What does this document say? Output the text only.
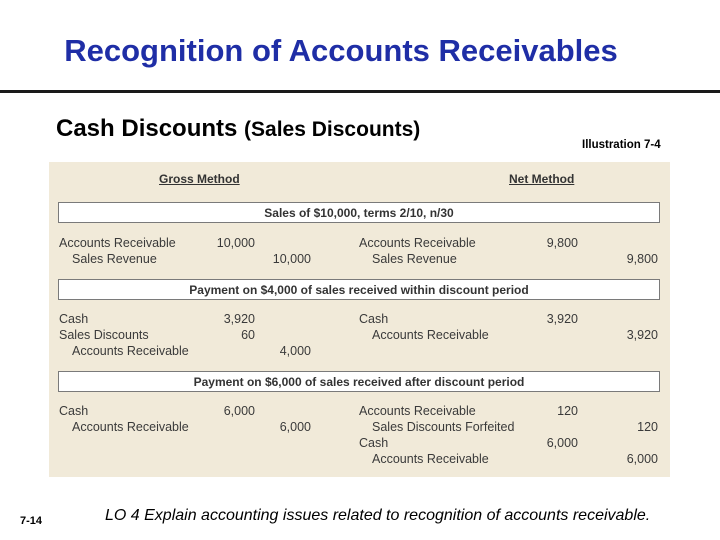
Recognition of Accounts Receivables
Cash Discounts (Sales Discounts)
Illustration 7-4
Gross Method	Net Method
Sales of $10,000, terms 2/10, n/30
Accounts Receivable	10,000
Sales Revenue	10,000
Accounts Receivable	9,800
Sales Revenue	9,800
Payment on $4,000 of sales received within discount period
Cash	3,920
Sales Discounts	60
Accounts Receivable	4,000
Cash	3,920
Accounts Receivable	3,920
Payment on $6,000 of sales received after discount period
Cash	6,000
Accounts Receivable	6,000
Accounts Receivable	120
Sales Discounts Forfeited	120
Cash	6,000
Accounts Receivable	6,000
7-14	LO 4 Explain accounting issues related to recognition of accounts receivable.
